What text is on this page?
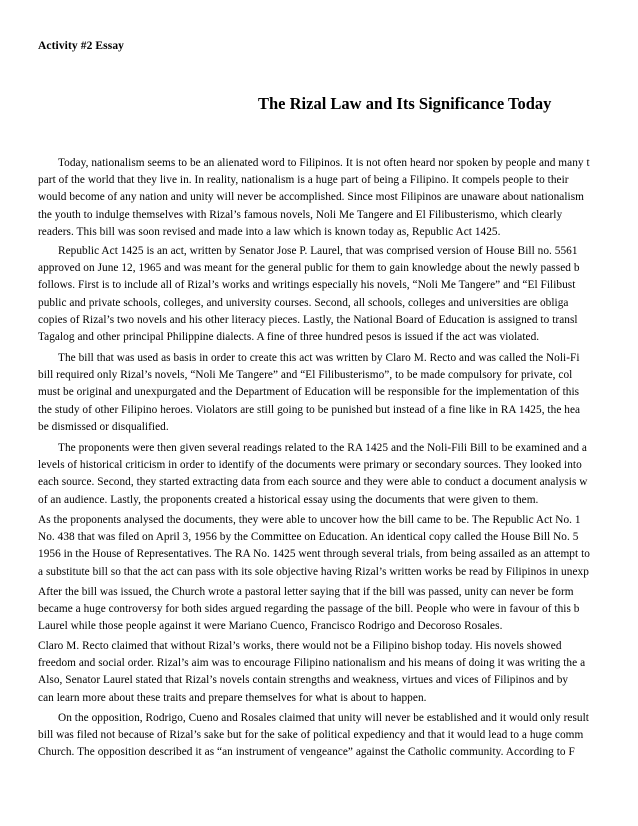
Activity #2 Essay
The Rizal Law and Its Significance Today
Today, nationalism seems to be an alienated word to Filipinos. It is not often heard nor spoken by people and many t
part of the world that they live in. In reality, nationalism is a huge part of being a Filipino. It compels people to their
would become of any nation and unity will never be accomplished. Since most Filipinos are unaware about nationalism
the youth to indulge themselves with Rizal’s famous novels, Noli Me Tangere and El Filibusterismo, which clearly
readers. This bill was soon revised and made into a law which is known today as, Republic Act 1425.
Republic Act 1425 is an act, written by Senator Jose P. Laurel, that was comprised version of House Bill no. 5561
approved on June 12, 1965 and was meant for the general public for them to gain knowledge about the newly passed b
follows. First is to include all of Rizal’s works and writings especially his novels, “Noli Me Tangere” and “El Filibust
public and private schools, colleges, and university courses. Second, all schools, colleges and universities are obliga
copies of Rizal’s two novels and his other literacy pieces. Lastly, the National Board of Education is assigned to transl
Tagalog and other principal Philippine dialects. A fine of three hundred pesos is issued if the act was violated.
The bill that was used as basis in order to create this act was written by Claro M. Recto and was called the Noli-Fi
bill required only Rizal’s novels, “Noli Me Tangere” and “El Filibusterismo”, to be made compulsory for private, col
must be original and unexpurgated and the Department of Education will be responsible for the implementation of this
the study of other Filipino heroes. Violators are still going to be punished but instead of a fine like in RA 1425, the hea
be dismissed or disqualified.
The proponents were then given several readings related to the RA 1425 and the Noli-Fili Bill to be examined and a
levels of historical criticism in order to identify of the documents were primary or secondary sources. They looked into
each source. Second, they started extracting data from each source and they were able to conduct a document analysis w
of an audience. Lastly, the proponents created a historical essay using the documents that were given to them.
As the proponents analysed the documents, they were able to uncover how the bill came to be. The Republic Act No. 1
No. 438 that was filed on April 3, 1956 by the Committee on Education. An identical copy called the House Bill No. 5
1956 in the House of Representatives. The RA No. 1425 went through several trials, from being assailed as an attempt to
a substitute bill so that the act can pass with its sole objective having Rizal’s written works be read by Filipinos in unexp
After the bill was issued, the Church wrote a pastoral letter saying that if the bill was passed, unity can never be form
became a huge controversy for both sides argued regarding the passage of the bill. People who were in favour of this b
Laurel while those people against it were Mariano Cuenco, Francisco Rodrigo and Decoroso Rosales.
Claro M. Recto claimed that without Rizal’s works, there would not be a Filipino bishop today. His novels showed
freedom and social order. Rizal’s aim was to encourage Filipino nationalism and his means of doing it was writing the a
Also, Senator Laurel stated that Rizal’s novels contain strengths and weakness, virtues and vices of Filipinos and by
can learn more about these traits and prepare themselves for what is about to happen.
On the opposition, Rodrigo, Cueno and Rosales claimed that unity will never be established and it would only result
bill was filed not because of Rizal’s sake but for the sake of political expediency and that it would lead to a huge comm
Church. The opposition described it as “an instrument of vengeance” against the Catholic community. According to F
